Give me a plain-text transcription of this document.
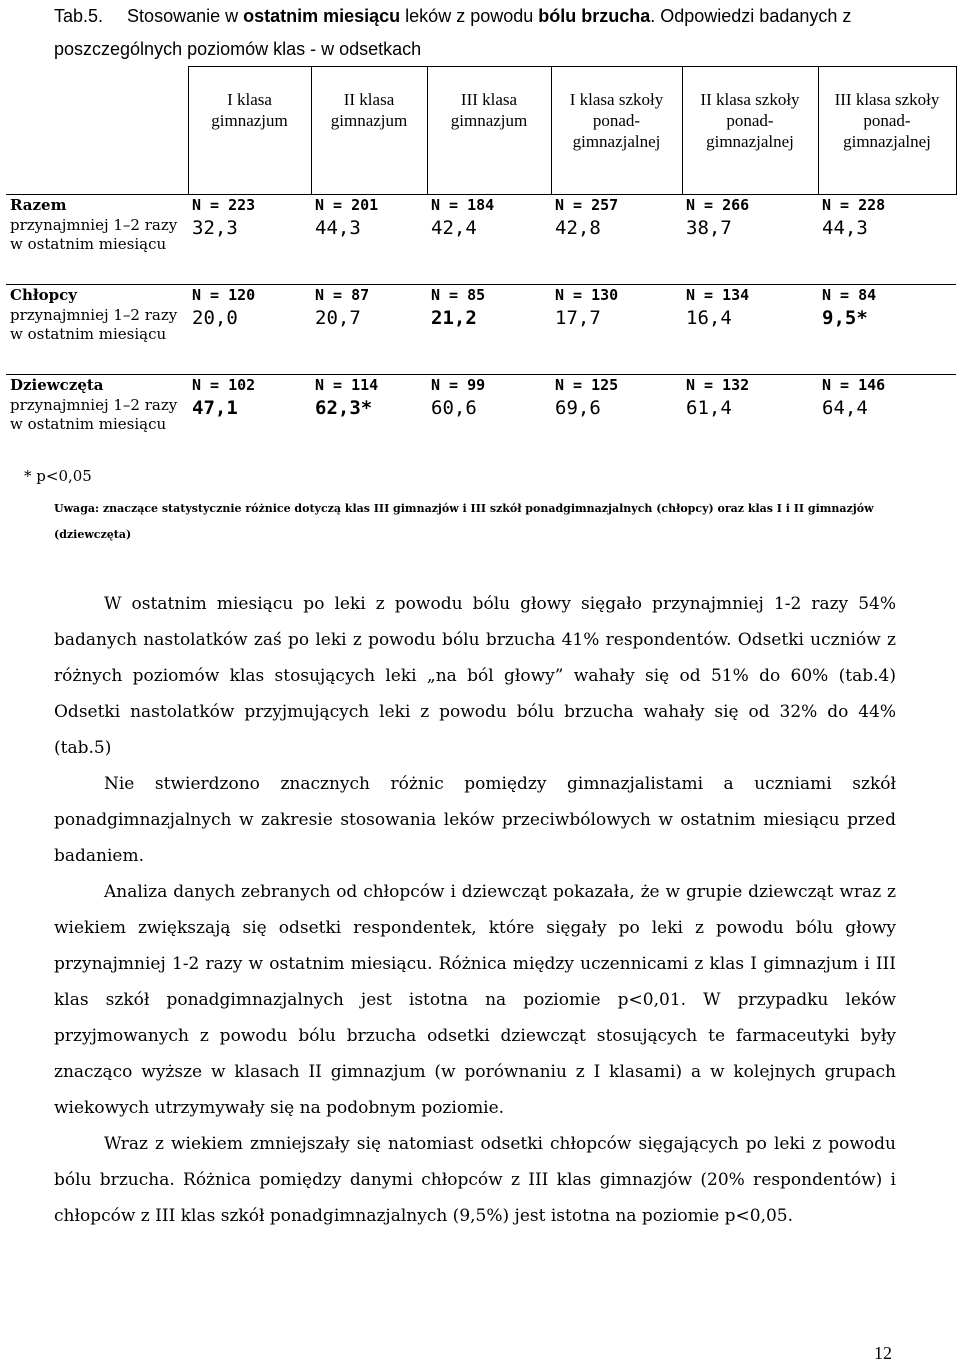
Tab.5. Stosowanie w ostatnim miesiącu leków z powodu bólu brzucha. Odpowiedzi badanych z poszczególnych poziomów klas - w odsetkach
	I klasa gimnazjum	II klasa gimnazjum	III klasa gimnazjum	I klasa szkoły ponad-gimnazjalnej	II klasa szkoły ponad-gimnazjalnej	III klasa szkoły ponad-gimnazjalnej
Razem	N = 223	N = 201	N = 184	N = 257	N = 266	N = 228
przynajmniej 1–2 razy w ostatnim miesiącu	32,3	44,3	42,4	42,8	38,7	44,3
Chłopcy	N = 120	N = 87	N = 85	N = 130	N = 134	N = 84
przynajmniej 1–2 razy w ostatnim miesiącu	20,0	20,7	21,2	17,7	16,4	9,5*
Dziewczęta	N = 102	N = 114	N = 99	N = 125	N = 132	N = 146
przynajmniej 1–2 razy w ostatnim miesiącu	47,1	62,3*	60,6	69,6	61,4	64,4
* p<0,05
Uwaga: znaczące statystycznie różnice dotyczą klas III gimnazjów i III szkół ponadgimnazjalnych (chłopcy) oraz klas I i II gimnazjów (dziewczęta)

W ostatnim miesiącu po leki z powodu bólu głowy sięgało przynajmniej 1-2 razy 54% badanych nastolatków zaś po leki z powodu bólu brzucha 41% respondentów. Odsetki uczniów z różnych poziomów klas stosujących leki „na ból głowy” wahały się od 51% do 60% (tab.4) Odsetki nastolatków przyjmujących leki z powodu bólu brzucha wahały się od 32% do 44% (tab.5)

Nie stwierdzono znacznych różnic pomiędzy gimnazjalistami a uczniami szkół ponadgimnazjalnych w zakresie stosowania leków przeciwbólowych w ostatnim miesiącu przed badaniem.

Analiza danych zebranych od chłopców i dziewcząt pokazała, że w grupie dziewcząt wraz z wiekiem zwiększają się odsetki respondentek, które sięgały po leki z powodu bólu głowy przynajmniej 1-2 razy w ostatnim miesiącu. Różnica między uczennicami z klas I gimnazjum i III klas szkół ponadgimnazjalnych jest istotna na poziomie p<0,01. W przypadku leków przyjmowanych z powodu bólu brzucha odsetki dziewcząt stosujących te farmaceutyki były znacząco wyższe w klasach II gimnazjum (w porównaniu z I klasami) a w kolejnych grupach wiekowych utrzymywały się na podobnym poziomie.

Wraz z wiekiem zmniejszały się natomiast odsetki chłopców sięgających po leki z powodu bólu brzucha. Różnica pomiędzy danymi chłopców z III klas gimnazjów (20% respondentów) i chłopców z III klas szkół ponadgimnazjalnych (9,5%) jest istotna na poziomie p<0,05.

12
